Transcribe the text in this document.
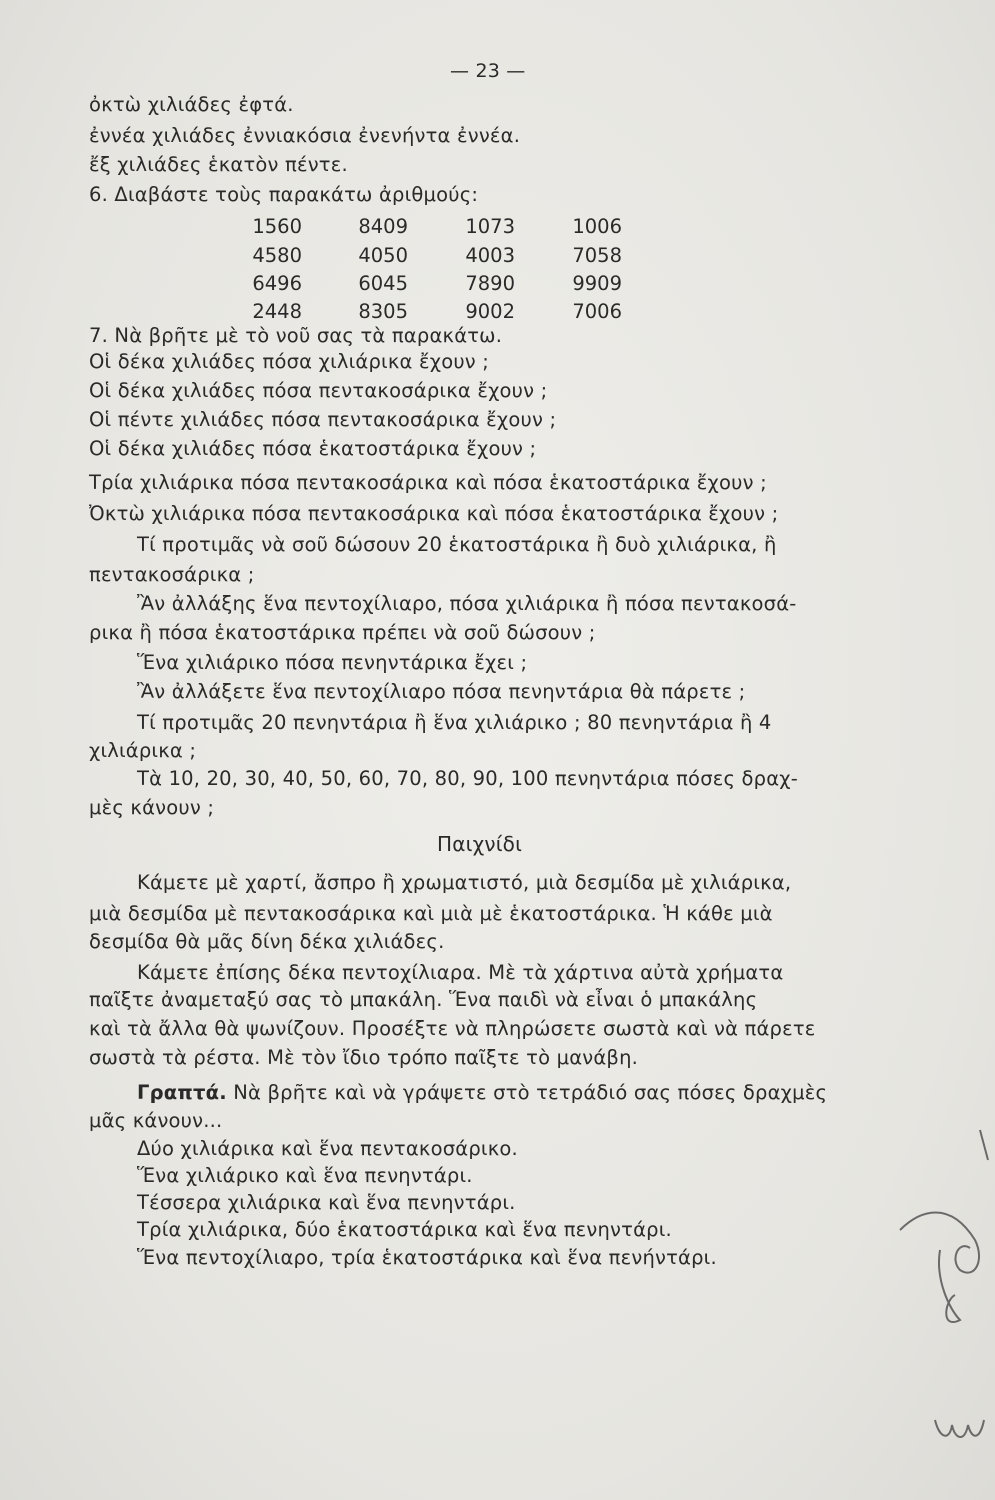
— 23 —
ὀκτὼ χιλιάδες ἐφτά.
ἐννέα χιλιάδες ἐννιακόσια ἐνενήντα ἐννέα.
ἔξ χιλιάδες ἑκατὸν πέντε.
6. Διαβάστε τοὺς παρακάτω ἀριθμούς:
1560	8409	1073	1006
4580	4050	4003	7058
6496	6045	7890	9909
2448	8305	9002	7006
7. Νὰ βρῆτε μὲ τὸ νοῦ σας τὰ παρακάτω.
Οἱ δέκα χιλιάδες πόσα χιλιάρικα ἔχουν ;
Οἱ δέκα χιλιάδες πόσα πεντακοσάρικα ἔχουν ;
Οἱ πέντε χιλιάδες πόσα πεντακοσάρικα ἔχουν ;
Οἱ δέκα χιλιάδες πόσα ἑκατοστάρικα ἔχουν ;
Τρία χιλιάρικα πόσα πεντακοσάρικα καὶ πόσα ἑκατοστάρικα ἔχουν ;
Ὀκτὼ χιλιάρικα πόσα πεντακοσάρικα καὶ πόσα ἑκατοστάρικα ἔχουν ;
Τί προτιμᾶς νὰ σοῦ δώσουν 20 ἑκατοστάρικα ἢ δυὸ χιλιάρικα, ἢ
πεντακοσάρικα ;
Ἂν ἀλλάξης ἕνα πεντοχίλιαρο, πόσα χιλιάρικα ἢ πόσα πεντακοσά-
ρικα ἢ πόσα ἑκατοστάρικα πρέπει νὰ σοῦ δώσουν ;
Ἕνα χιλιάρικο πόσα πενηντάρικα ἔχει ;
Ἂν ἀλλάξετε ἕνα πεντοχίλιαρο πόσα πενηντάρια θὰ πάρετε ;
Τί προτιμᾶς 20 πενηντάρια ἢ ἕνα χιλιάρικο ; 80 πενηντάρια ἢ 4
χιλιάρικα ;
Τὰ 10, 20, 30, 40, 50, 60, 70, 80, 90, 100 πενηντάρια πόσες δραχ-
μὲς κάνουν ;
Παιχνίδι
Κάμετε μὲ χαρτί, ἄσπρο ἢ χρωματιστό, μιὰ δεσμίδα μὲ χιλιάρικα,
μιὰ δεσμίδα μὲ πεντακοσάρικα καὶ μιὰ μὲ ἑκατοστάρικα. Ἡ κάθε μιὰ
δεσμίδα θὰ μᾶς δίνη δέκα χιλιάδες.
Κάμετε ἐπίσης δέκα πεντοχίλιαρα. Μὲ τὰ χάρτινα αὐτὰ χρήματα
παῖξτε ἀναμεταξύ σας τὸ μπακάλη. Ἕνα παιδὶ νὰ εἶναι ὁ μπακάλης
καὶ τὰ ἄλλα θὰ ψωνίζουν. Προσέξτε νὰ πληρώσετε σωστὰ καὶ νὰ πάρετε
σωστὰ τὰ ρέστα. Μὲ τὸν ἴδιο τρόπο παῖξτε τὸ μανάβη.
Γραπτά. Νὰ βρῆτε καὶ νὰ γράψετε στὸ τετράδιό σας πόσες δραχμὲς
μᾶς κάνουν...
Δύο χιλιάρικα καὶ ἕνα πεντακοσάρικο.
Ἕνα χιλιάρικο καὶ ἕνα πενηντάρι.
Τέσσερα χιλιάρικα καὶ ἕνα πενηντάρι.
Τρία χιλιάρικα, δύο ἑκατοστάρικα καὶ ἕνα πενηντάρι.
Ἕνα πεντοχίλιαρο, τρία ἑκατοστάρικα καὶ ἕνα πενήντάρι.
